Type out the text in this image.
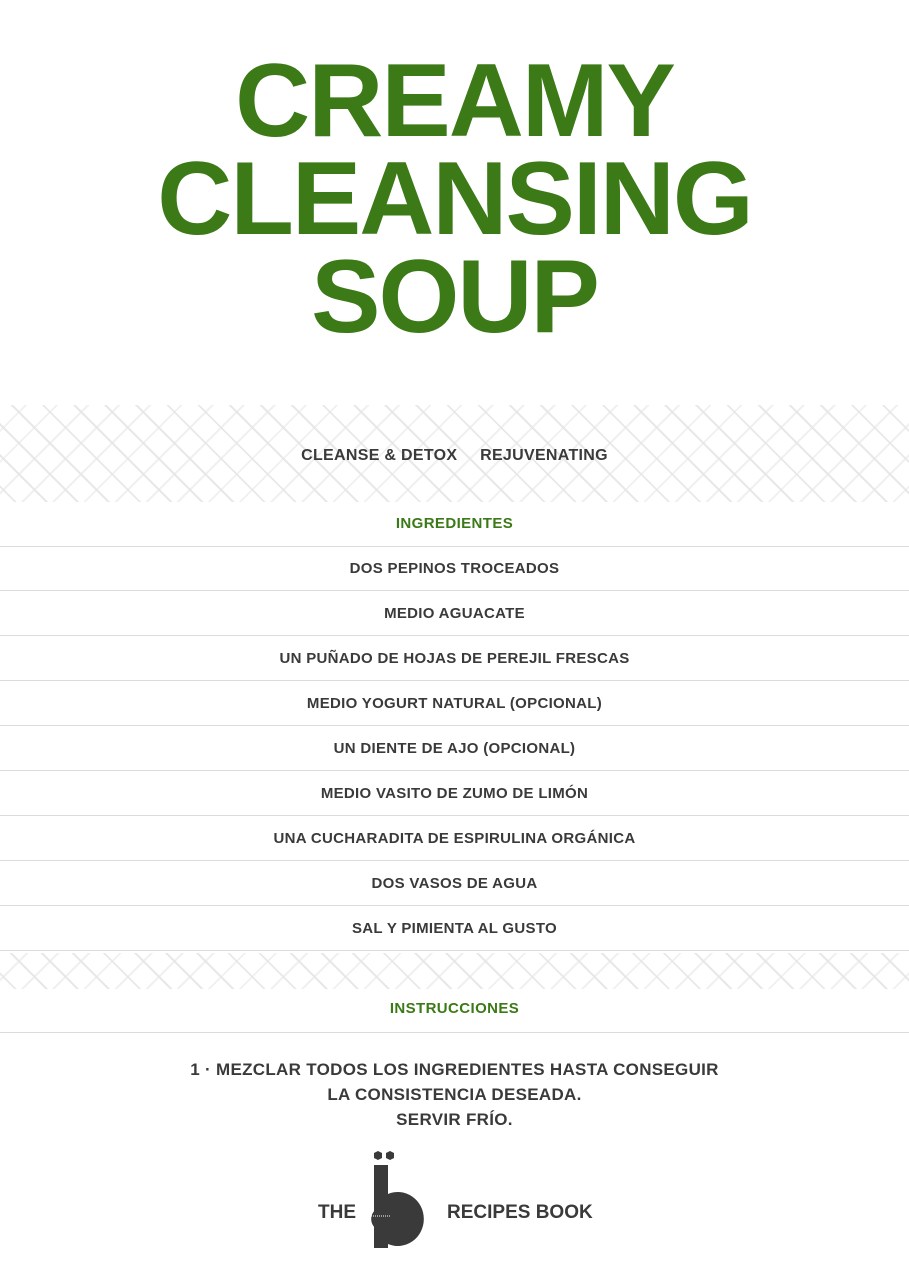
CREAMY
CLEANSING
SOUP
CLEANSE & DETOX REJUVENATING
INGREDIENTES
DOS PEPINOS TROCEADOS
MEDIO AGUACATE
UN PUÑADO DE HOJAS DE PEREJIL FRESCAS
MEDIO YOGURT NATURAL (OPCIONAL)
UN DIENTE DE AJO (OPCIONAL)
MEDIO VASITO DE ZUMO DE LIMÓN
UNA CUCHARADITA DE ESPIRULINA ORGÁNICA
DOS VASOS DE AGUA
SAL Y PIMIENTA AL GUSTO
INSTRUCCIONES
1 · MEZCLAR TODOS LOS INGREDIENTES HASTA CONSEGUIR
LA CONSISTENCIA DESEADA.
SERVIR FRÍO.
THE	RECIPES BOOK
